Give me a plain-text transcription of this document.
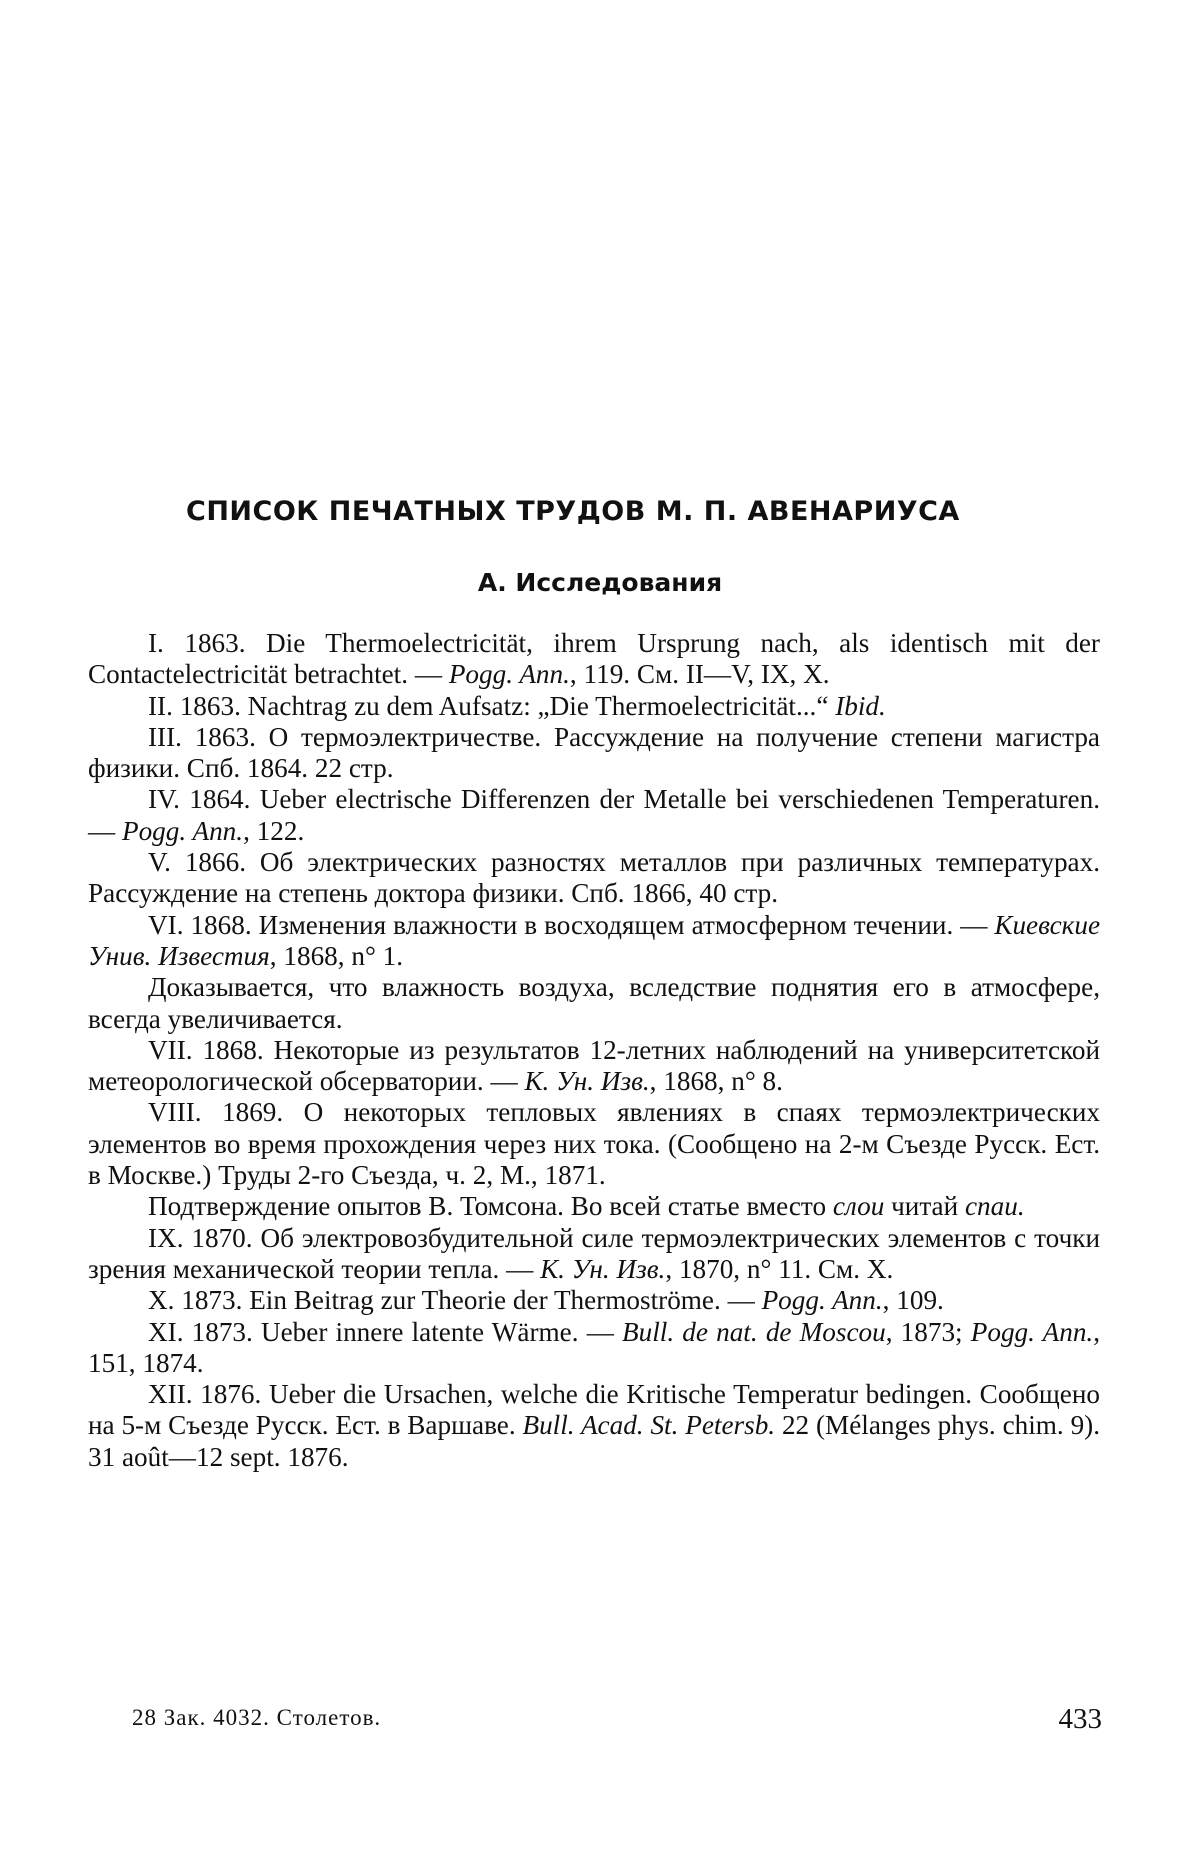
СПИСОК ПЕЧАТНЫХ ТРУДОВ М. П. АВЕНАРИУСА
А. Исследования

I. 1863. Die Thermoelectricität, ihrem Ursprung nach, als identisch mit der Contactelectricität betrachtet. — Pogg. Ann., 119. См. II—V, IX, X.

II. 1863. Nachtrag zu dem Aufsatz: „Die Thermoelectricität...“ Ibid.

III. 1863. О термоэлектричестве. Рассуждение на получение степени магистра физики. Спб. 1864. 22 стр.

IV. 1864. Ueber electrische Differenzen der Metalle bei verschiedenen Temperaturen. — Pogg. Ann., 122.

V. 1866. Об электрических разностях металлов при различных температурах. Рассуждение на степень доктора физики. Спб. 1866, 40 стр.

VI. 1868. Изменения влажности в восходящем атмосферном течении. — Киевские Унив. Известия, 1868, n° 1.

Доказывается, что влажность воздуха, вследствие поднятия его в атмосфере, всегда увеличивается.

VII. 1868. Некоторые из результатов 12-летних наблюдений на университетской метеорологической обсерватории. — К. Ун. Изв., 1868, n° 8.

VIII. 1869. О некоторых тепловых явлениях в спаях термоэлектрических элементов во время прохождения через них тока. (Сообщено на 2-м Съезде Русск. Ест. в Москве.) Труды 2-го Съезда, ч. 2, М., 1871.

Подтверждение опытов В. Томсона. Во всей статье вместо слои читай спаи.

IX. 1870. Об электровозбудительной силе термоэлектрических элементов с точки зрения механической теории тепла. — К. Ун. Изв., 1870, n° 11. См. X.

X. 1873. Ein Beitrag zur Theorie der Thermoströme. — Pogg. Ann., 109.

XI. 1873. Ueber innere latente Wärme. — Bull. de nat. de Moscou, 1873; Pogg. Ann., 151, 1874.

XII. 1876. Ueber die Ursachen, welche die Kritische Temperatur bedingen. Сообщено на 5-м Съезде Русск. Ест. в Варшаве. Bull. Acad. St. Petersb. 22 (Mélanges phys. chim. 9). 31 août—12 sept. 1876.

28 Зак. 4032. Столетов.	433
